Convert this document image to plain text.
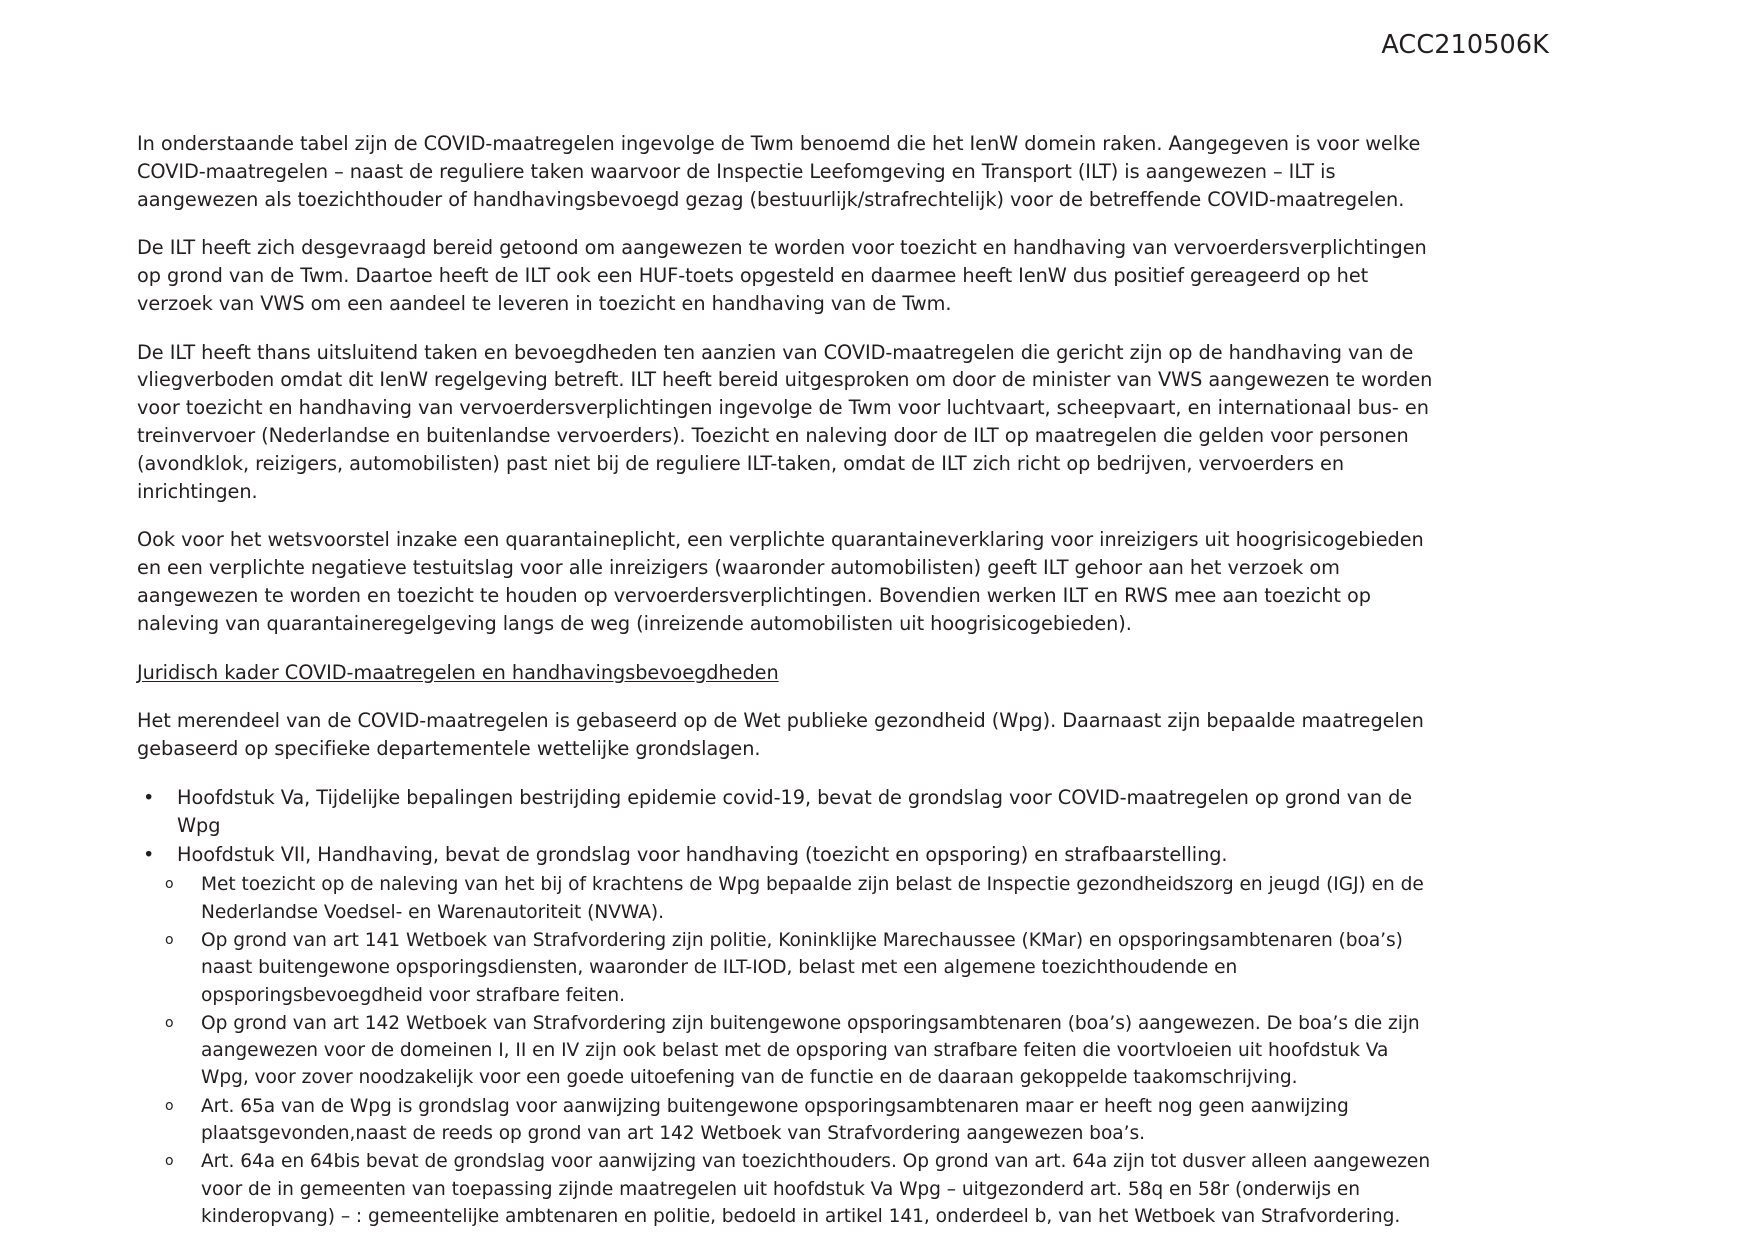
ACC210506K

In onderstaande tabel zijn de COVID-maatregelen ingevolge de Twm benoemd die het IenW domein raken. Aangegeven is voor welke COVID-maatregelen – naast de reguliere taken waarvoor de Inspectie Leefomgeving en Transport (ILT) is aangewezen – ILT is aangewezen als toezichthouder of handhavingsbevoegd gezag (bestuurlijk/strafrechtelijk) voor de betreffende COVID-maatregelen.

De ILT heeft zich desgevraagd bereid getoond om aangewezen te worden voor toezicht en handhaving van vervoerdersverplichtingen op grond van de Twm. Daartoe heeft de ILT ook een HUF-toets opgesteld en daarmee heeft IenW dus positief gereageerd op het verzoek van VWS om een aandeel te leveren in toezicht en handhaving van de Twm.

De ILT heeft thans uitsluitend taken en bevoegdheden ten aanzien van COVID-maatregelen die gericht zijn op de handhaving van de vliegverboden omdat dit IenW regelgeving betreft. ILT heeft bereid uitgesproken om door de minister van VWS aangewezen te worden voor toezicht en handhaving van vervoerdersverplichtingen ingevolge de Twm voor luchtvaart, scheepvaart, en internationaal bus- en treinvervoer (Nederlandse en buitenlandse vervoerders). Toezicht en naleving door de ILT op maatregelen die gelden voor personen (avondklok, reizigers, automobilisten) past niet bij de reguliere ILT-taken, omdat de ILT zich richt op bedrijven, vervoerders en inrichtingen.

Ook voor het wetsvoorstel inzake een quarantaineplicht, een verplichte quarantaineverklaring voor inreizigers uit hoogrisicogebieden en een verplichte negatieve testuitslag voor alle inreizigers (waaronder automobilisten) geeft ILT gehoor aan het verzoek om aangewezen te worden en toezicht te houden op vervoerdersverplichtingen. Bovendien werken ILT en RWS mee aan toezicht op naleving van quarantaineregelgeving langs de weg (inreizende automobilisten uit hoogrisicogebieden).

Juridisch kader COVID-maatregelen en handhavingsbevoegdheden

Het merendeel van de COVID-maatregelen is gebaseerd op de Wet publieke gezondheid (Wpg). Daarnaast zijn bepaalde maatregelen gebaseerd op specifieke departementele wettelijke grondslagen.

• Hoofdstuk Va, Tijdelijke bepalingen bestrijding epidemie covid-19, bevat de grondslag voor COVID-maatregelen op grond van de Wpg
• Hoofdstuk VII, Handhaving, bevat de grondslag voor handhaving (toezicht en opsporing) en strafbaarstelling.
o	Met toezicht op de naleving van het bij of krachtens de Wpg bepaalde zijn belast de Inspectie gezondheidszorg en jeugd (IGJ) en de Nederlandse Voedsel- en Warenautoriteit (NVWA).
o	Op grond van art 141 Wetboek van Strafvordering zijn politie, Koninklijke Marechaussee (KMar) en opsporingsambtenaren (boa’s) naast buitengewone opsporingsdiensten, waaronder de ILT-IOD, belast met een algemene toezichthoudende en opsporingsbevoegdheid voor strafbare feiten.
o	Op grond van art 142 Wetboek van Strafvordering zijn buitengewone opsporingsambtenaren (boa’s) aangewezen. De boa’s die zijn aangewezen voor de domeinen I, II en IV zijn ook belast met de opsporing van strafbare feiten die voortvloeien uit hoofdstuk Va Wpg, voor zover noodzakelijk voor een goede uitoefening van de functie en de daaraan gekoppelde taakomschrijving.
o	Art. 65a van de Wpg is grondslag voor aanwijzing buitengewone opsporingsambtenaren maar er heeft nog geen aanwijzing plaatsgevonden,naast de reeds op grond van art 142 Wetboek van Strafvordering aangewezen boa’s.
o	Art. 64a en 64bis bevat de grondslag voor aanwijzing van toezichthouders. Op grond van art. 64a zijn tot dusver alleen aangewezen voor de in gemeenten van toepassing zijnde maatregelen uit hoofdstuk Va Wpg – uitgezonderd art. 58q en 58r (onderwijs en kinderopvang) – : gemeentelijke ambtenaren en politie, bedoeld in artikel 141, onderdeel b, van het Wetboek van Strafvordering.
